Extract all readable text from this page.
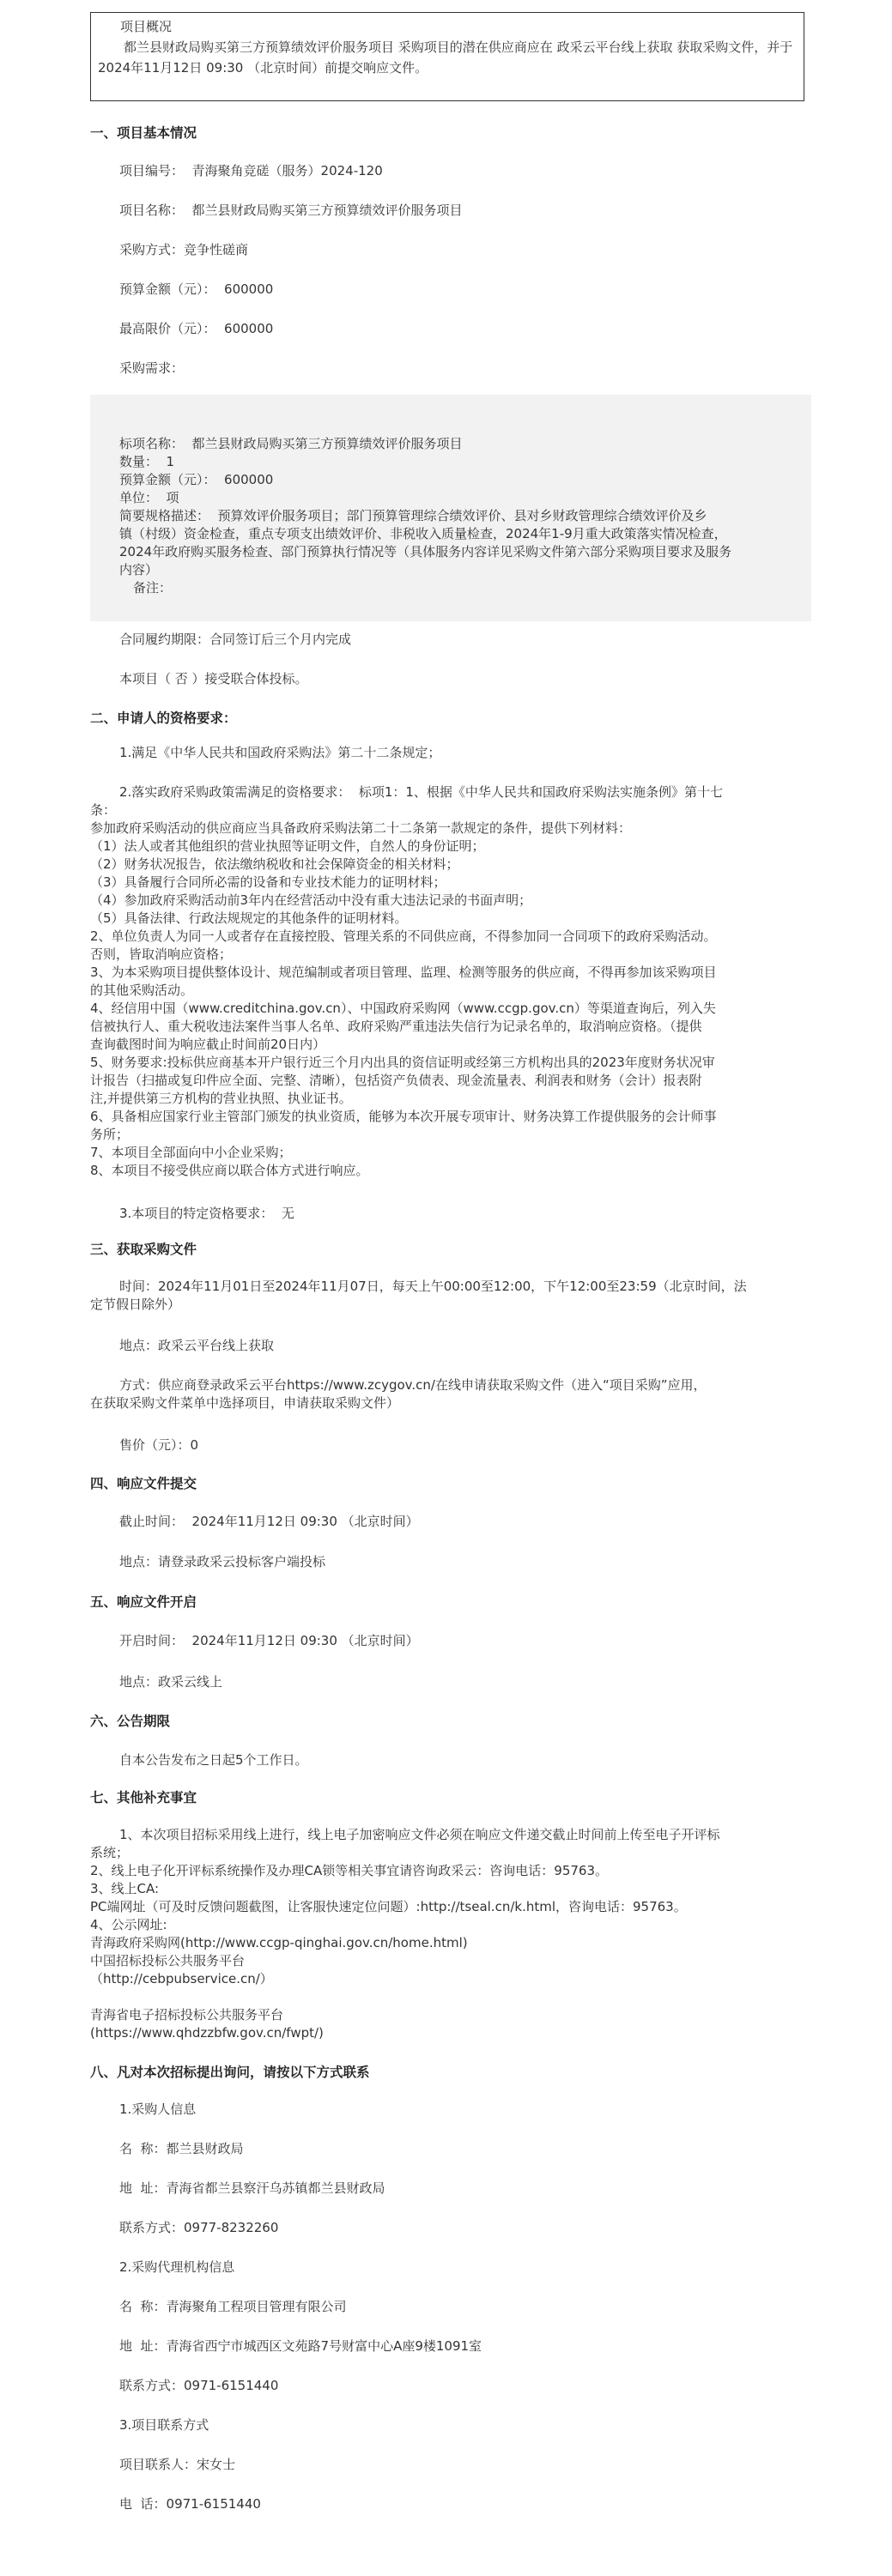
项目概况
都兰县财政局购买第三方预算绩效评价服务项目 采购项目的潜在供应商应在 政采云平台线上获取 获取采购文件，并于 2024年11月12日 09:30 （北京时间）前提交响应文件。
一、项目基本情况
项目编号：  青海聚角竞磋（服务）2024-120
项目名称：  都兰县财政局购买第三方预算绩效评价服务项目
采购方式：竞争性磋商
预算金额（元）：  600000
最高限价（元）：  600000
采购需求：
标项名称：  都兰县财政局购买第三方预算绩效评价服务项目
数量：  1
预算金额（元）：  600000
单位：  项
简要规格描述：  预算效评价服务项目；部门预算管理综合绩效评价、县对乡财政管理综合绩效评价及乡
镇（村级）资金检查，重点专项支出绩效评价、非税收入质量检查，2024年1-9月重大政策落实情况检查，
2024年政府购买服务检查、部门预算执行情况等（具体服务内容详见采购文件第六部分采购项目要求及服务
内容）
备注：
合同履约期限：合同签订后三个月内完成
本项目（ 否 ）接受联合体投标。
二、申请人的资格要求：
1.满足《中华人民共和国政府采购法》第二十二条规定；
2.落实政府采购政策需满足的资格要求：  标项1：1、根据《中华人民共和国政府采购法实施条例》第十七
条：
参加政府采购活动的供应商应当具备政府采购法第二十二条第一款规定的条件，提供下列材料：
（1）法人或者其他组织的营业执照等证明文件，自然人的身份证明；
（2）财务状况报告，依法缴纳税收和社会保障资金的相关材料；
（3）具备履行合同所必需的设备和专业技术能力的证明材料；
（4）参加政府采购活动前3年内在经营活动中没有重大违法记录的书面声明；
（5）具备法律、行政法规规定的其他条件的证明材料。
2、单位负责人为同一人或者存在直接控股、管理关系的不同供应商，不得参加同一合同项下的政府采购活动。
否则，皆取消响应资格；
3、为本采购项目提供整体设计、规范编制或者项目管理、监理、检测等服务的供应商，不得再参加该采购项目
的其他采购活动。
4、经信用中国（www.creditchina.gov.cn）、中国政府采购网（www.ccgp.gov.cn）等渠道查询后，列入失
信被执行人、重大税收违法案件当事人名单、政府采购严重违法失信行为记录名单的，取消响应资格。（提供
查询截图时间为响应截止时间前20日内）
5、财务要求:投标供应商基本开户银行近三个月内出具的资信证明或经第三方机构出具的2023年度财务状况审
计报告（扫描或复印件应全面、完整、清晰），包括资产负债表、现金流量表、利润表和财务（会计）报表附
注,并提供第三方机构的营业执照、执业证书。
6、具备相应国家行业主管部门颁发的执业资质，能够为本次开展专项审计、财务决算工作提供服务的会计师事
务所；
7、本项目全部面向中小企业采购；
8、本项目不接受供应商以联合体方式进行响应。
3.本项目的特定资格要求：  无
三、获取采购文件
时间：2024年11月01日至2024年11月07日，每天上午00:00至12:00，下午12:00至23:59（北京时间，法
定节假日除外）
地点：政采云平台线上获取
方式：供应商登录政采云平台https://www.zcygov.cn/在线申请获取采购文件（进入“项目采购”应用，
在获取采购文件菜单中选择项目，申请获取采购文件）
售价（元）：0
四、响应文件提交
截止时间：  2024年11月12日 09:30 （北京时间）
地点：请登录政采云投标客户端投标
五、响应文件开启
开启时间：  2024年11月12日 09:30 （北京时间）
地点：政采云线上
六、公告期限
自本公告发布之日起5个工作日。
七、其他补充事宜
1、本次项目招标采用线上进行，线上电子加密响应文件必须在响应文件递交截止时间前上传至电子开评标
系统；
2、线上电子化开评标系统操作及办理CA锁等相关事宜请咨询政采云：咨询电话：95763。
3、线上CA:
PC端网址（可及时反馈问题截图，让客服快速定位问题）:http://tseal.cn/k.html，咨询电话：95763。
4、公示网址:
青海政府采购网(http://www.ccgp-qinghai.gov.cn/home.html)
中国招标投标公共服务平台
（http://cebpubservice.cn/）
青海省电子招标投标公共服务平台
(https://www.qhdzzbfw.gov.cn/fwpt/)
八、凡对本次招标提出询问，请按以下方式联系
1.采购人信息
名  称：都兰县财政局
地  址：青海省都兰县察汗乌苏镇都兰县财政局
联系方式：0977-8232260
2.采购代理机构信息
名  称：青海聚角工程项目管理有限公司
地  址：青海省西宁市城西区文苑路7号财富中心A座9楼1091室
联系方式：0971-6151440
3.项目联系方式
项目联系人：宋女士
电  话：0971-6151440
